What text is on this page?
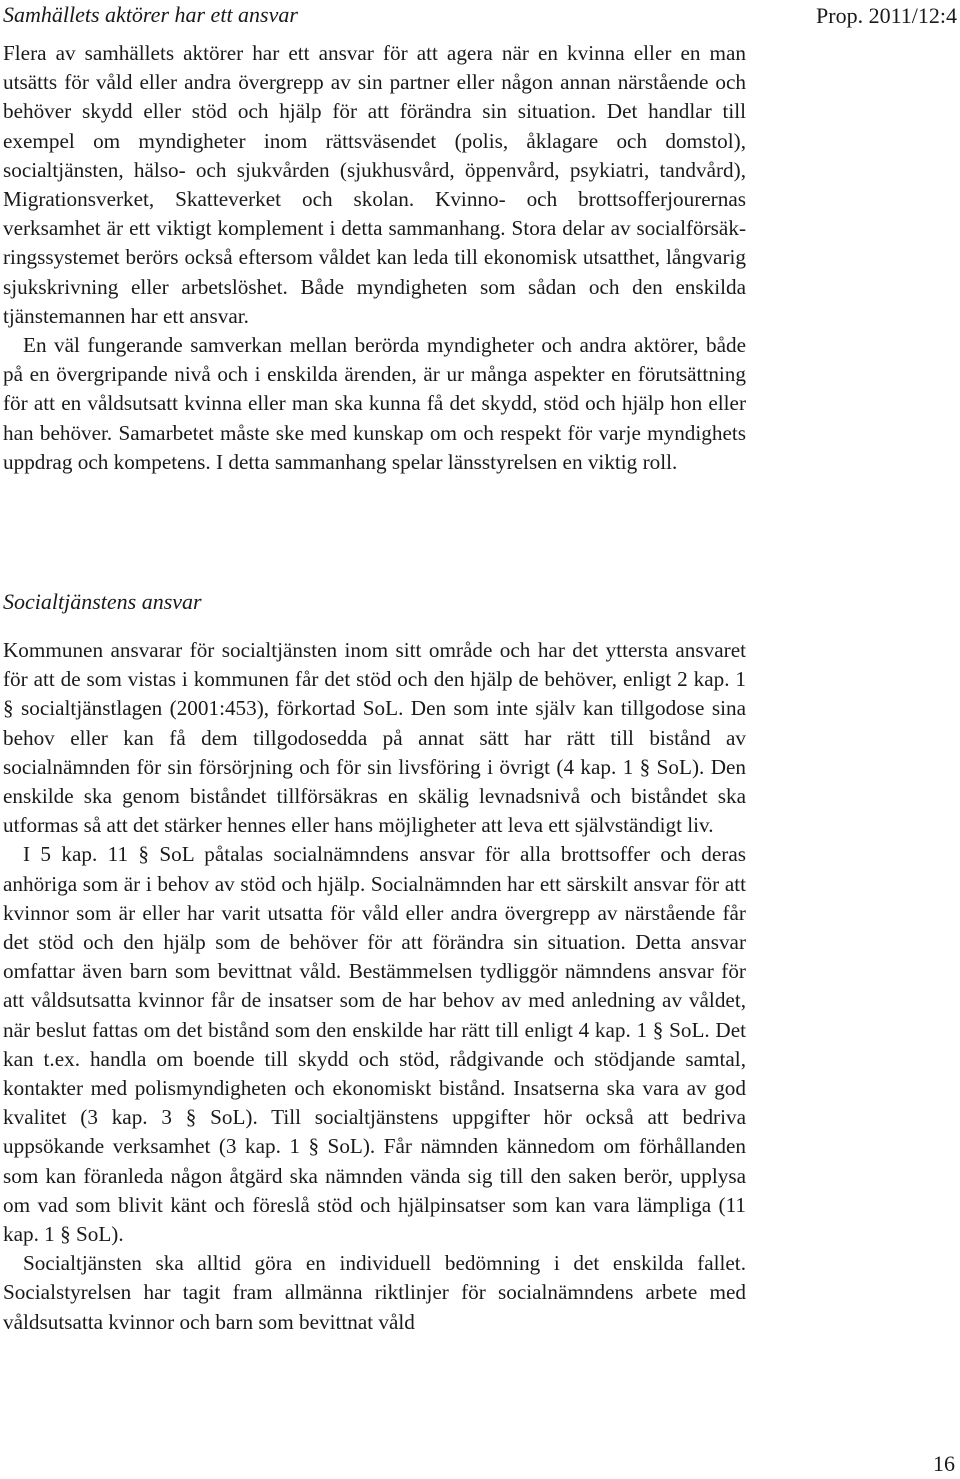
Samhällets aktörer har ett ansvar	Prop. 2011/12:4

Flera av samhällets aktörer har ett ansvar för att agera när en kvinna eller en man utsätts för våld eller andra övergrepp av sin partner eller någon annan närstående och behöver skydd eller stöd och hjälp för att förändra sin situation. Det handlar till exempel om myndigheter inom rättsväsendet (polis, åklagare och domstol), socialtjänsten, hälso- och sjukvården (sjukhusvård, öppenvård, psykiatri, tandvård), Migrationsverket, Skatteverket och skolan. Kvinno- och brottsofferjourernas verksamhet är ett viktigt komplement i detta sammanhang. Stora delar av socialförsäkringssystemet berörs också eftersom våldet kan leda till ekonomisk utsatthet, långvarig sjukskrivning eller arbetslöshet. Både myndigheten som sådan och den enskilda tjänstemannen har ett ansvar.

En väl fungerande samverkan mellan berörda myndigheter och andra aktörer, både på en övergripande nivå och i enskilda ärenden, är ur många aspekter en förutsättning för att en våldsutsatt kvinna eller man ska kunna få det skydd, stöd och hjälp hon eller han behöver. Samarbetet måste ske med kunskap om och respekt för varje myndighets uppdrag och kompetens. I detta sammanhang spelar länsstyrelsen en viktig roll.

Socialtjänstens ansvar

Kommunen ansvarar för socialtjänsten inom sitt område och har det yttersta ansvaret för att de som vistas i kommunen får det stöd och den hjälp de behöver, enligt 2 kap. 1 § socialtjänstlagen (2001:453), förkortad SoL. Den som inte själv kan tillgodose sina behov eller kan få dem tillgodosedda på annat sätt har rätt till bistånd av socialnämnden för sin försörjning och för sin livsföring i övrigt (4 kap. 1 § SoL). Den enskilde ska genom biståndet tillförsäkras en skälig levnadsnivå och biståndet ska utformas så att det stärker hennes eller hans möjligheter att leva ett självständigt liv.

I 5 kap. 11 § SoL påtalas socialnämndens ansvar för alla brottsoffer och deras anhöriga som är i behov av stöd och hjälp. Socialnämnden har ett särskilt ansvar för att kvinnor som är eller har varit utsatta för våld eller andra övergrepp av närstående får det stöd och den hjälp som de behöver för att förändra sin situation. Detta ansvar omfattar även barn som bevittnat våld. Bestämmelsen tydliggör nämndens ansvar för att våldsutsatta kvinnor får de insatser som de har behov av med anledning av våldet, när beslut fattas om det bistånd som den enskilde har rätt till enligt 4 kap. 1 § SoL. Det kan t.ex. handla om boende till skydd och stöd, rådgivande och stödjande samtal, kontakter med polismyndigheten och ekonomiskt bistånd. Insatserna ska vara av god kvalitet (3 kap. 3 § SoL). Till socialtjänstens uppgifter hör också att bedriva uppsökande verksamhet (3 kap. 1 § SoL). Får nämnden kännedom om förhållanden som kan föranleda någon åtgärd ska nämnden vända sig till den saken berör, upplysa om vad som blivit känt och föreslå stöd och hjälpinsatser som kan vara lämpliga (11 kap. 1 § SoL).

Socialtjänsten ska alltid göra en individuell bedömning i det enskilda fallet. Socialstyrelsen har tagit fram allmänna riktlinjer för socialnämndens arbete med våldsutsatta kvinnor och barn som bevittnat våld

16
